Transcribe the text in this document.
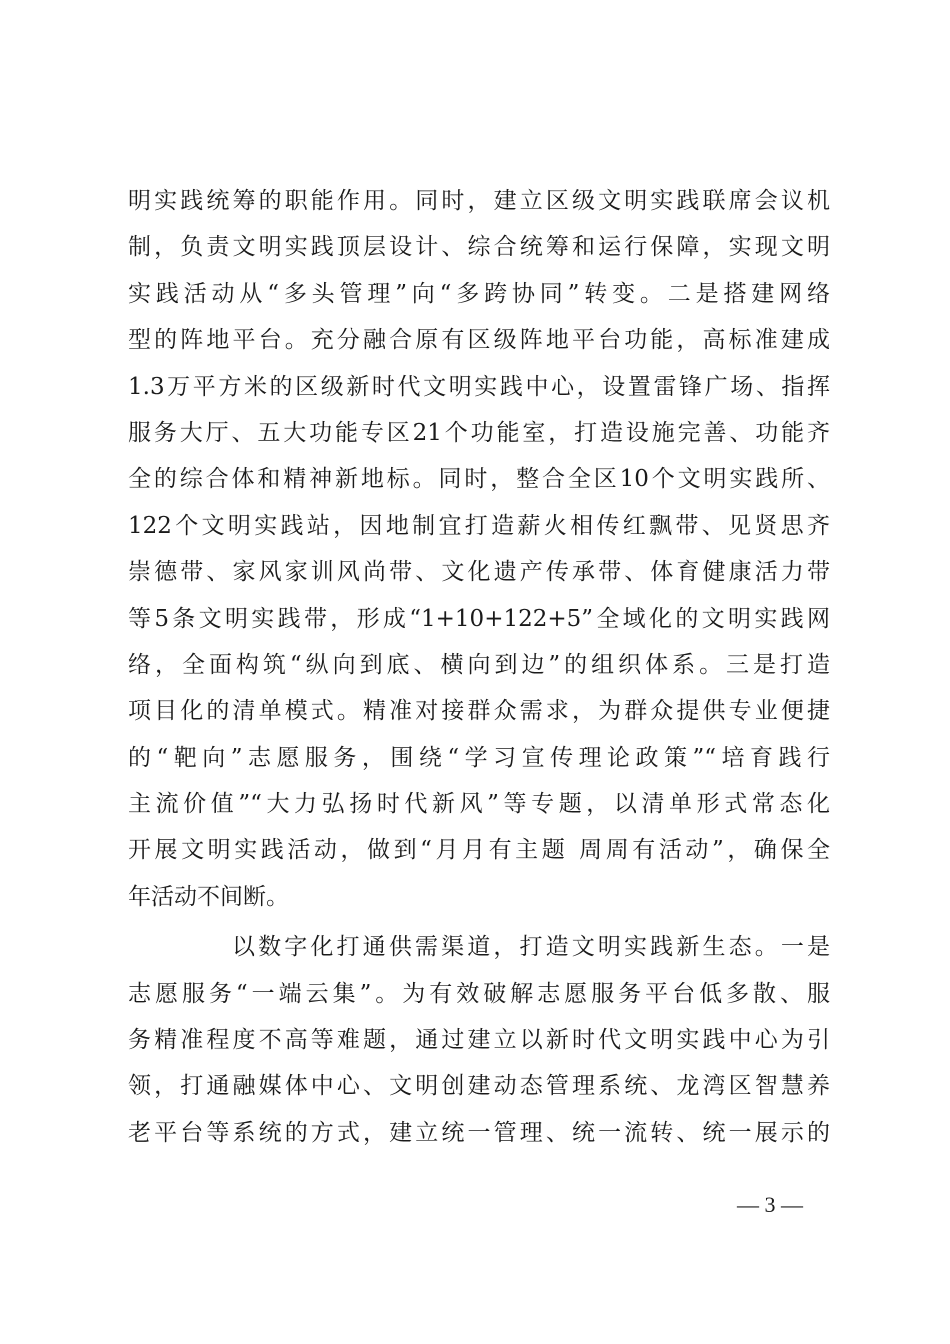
明实践统筹的职能作用。同时，建立区级文明实践联席会议机
制，负责文明实践顶层设计、综合统筹和运行保障，实现文明
实践活动从“多头管理”向“多跨协同”转变。二是搭建网络
型的阵地平台。充分融合原有区级阵地平台功能，高标准建成
1.3万平方米的区级新时代文明实践中心，设置雷锋广场、指挥
服务大厅、五大功能专区21个功能室，打造设施完善、功能齐
全的综合体和精神新地标。同时，整合全区10个文明实践所、
122个文明实践站，因地制宜打造薪火相传红飘带、见贤思齐
崇德带、家风家训风尚带、文化遗产传承带、体育健康活力带
等5条文明实践带，形成“1+10+122+5”全域化的文明实践网
络，全面构筑“纵向到底、横向到边”的组织体系。三是打造
项目化的清单模式。精准对接群众需求，为群众提供专业便捷
的“靶向”志愿服务，围绕“学习宣传理论政策”“培育践行
主流价值”“大力弘扬时代新风”等专题，以清单形式常态化
开展文明实践活动，做到“月月有主题 周周有活动”，确保全
年活动不间断。
以数字化打通供需渠道，打造文明实践新生态。一是
志愿服务“一端云集”。为有效破解志愿服务平台低多散、服
务精准程度不高等难题，通过建立以新时代文明实践中心为引
领，打通融媒体中心、文明创建动态管理系统、龙湾区智慧养
老平台等系统的方式，建立统一管理、统一流转、统一展示的
— 3 —
